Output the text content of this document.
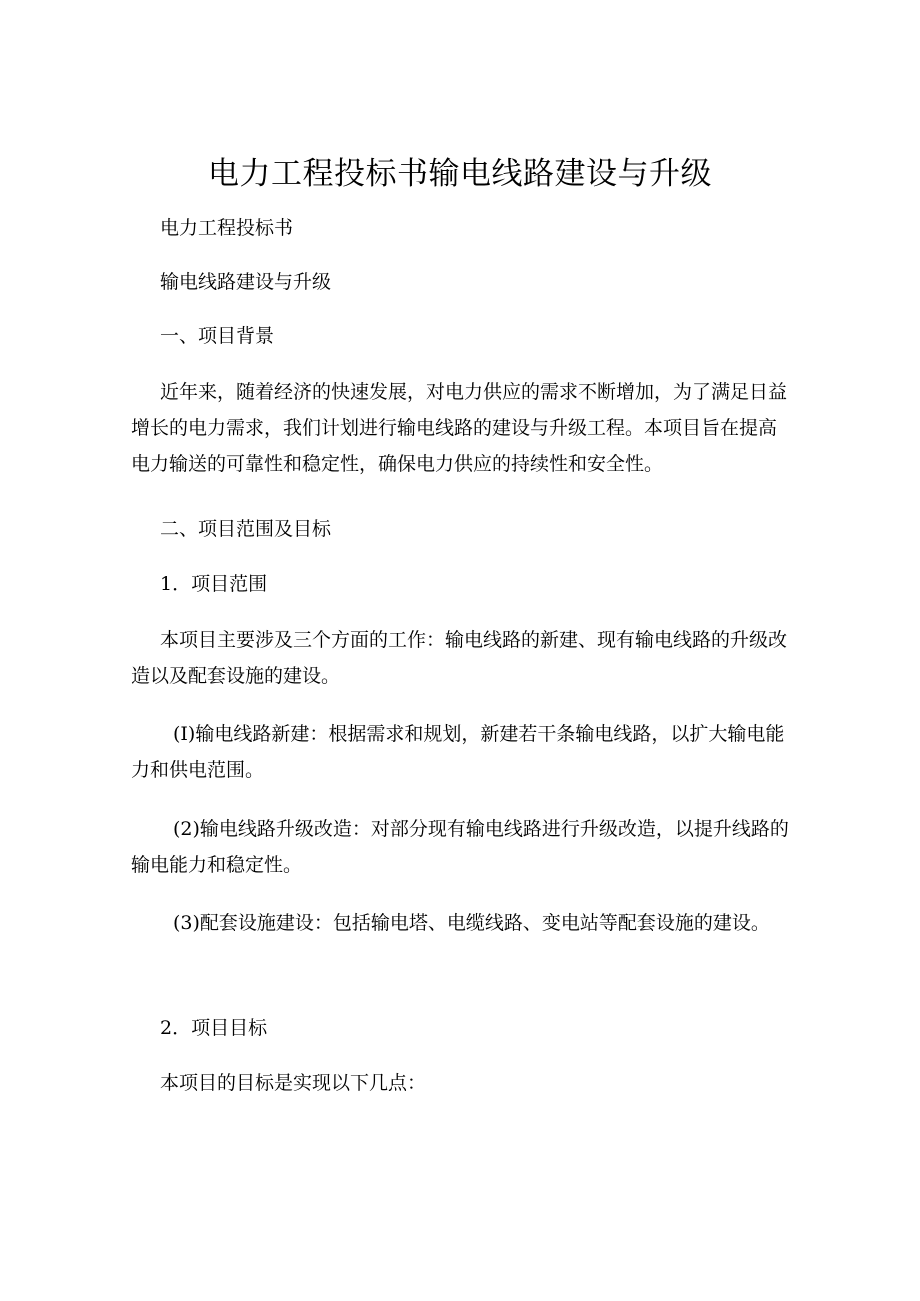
电力工程投标书输电线路建设与升级

电力工程投标书

输电线路建设与升级

一、项目背景

近年来，随着经济的快速发展，对电力供应的需求不断增加，为了满足日益增长的电力需求，我们计划进行输电线路的建设与升级工程。本项目旨在提高电力输送的可靠性和稳定性，确保电力供应的持续性和安全性。

二、项目范围及目标

1．项目范围

本项目主要涉及三个方面的工作：输电线路的新建、现有输电线路的升级改造以及配套设施的建设。

(I)输电线路新建：根据需求和规划，新建若干条输电线路，以扩大输电能力和供电范围。

(2)输电线路升级改造：对部分现有输电线路进行升级改造，以提升线路的输电能力和稳定性。

(3)配套设施建设：包括输电塔、电缆线路、变电站等配套设施的建设。

2．项目目标

本项目的目标是实现以下几点：
